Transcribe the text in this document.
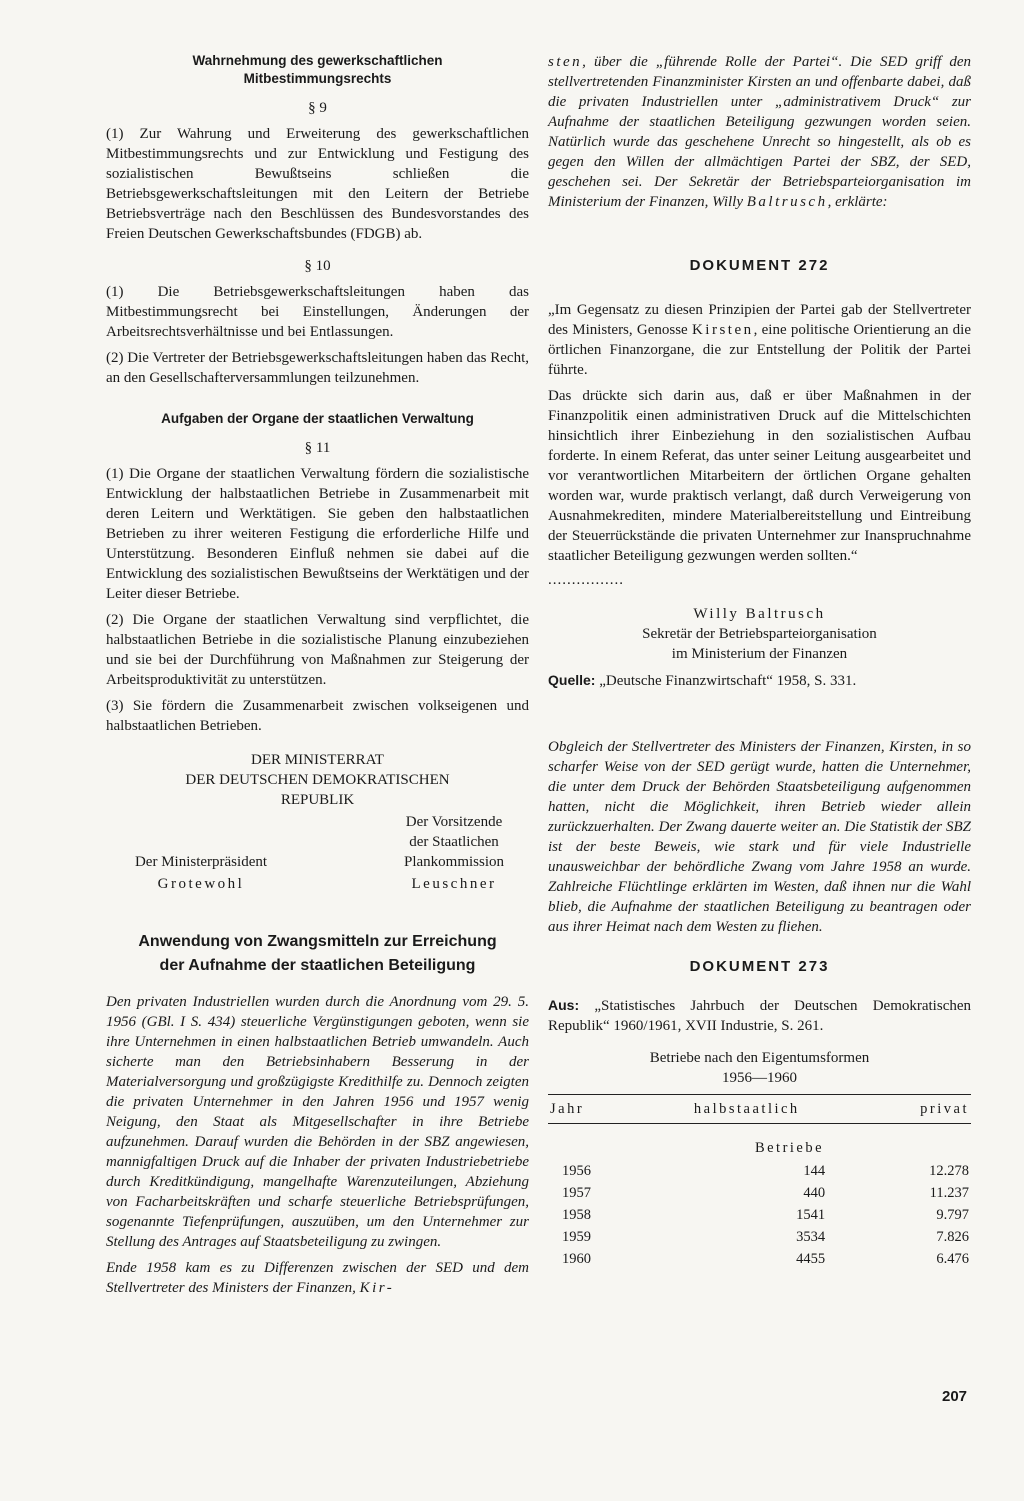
Wahrnehmung des gewerkschaftlichen
Mitbestimmungsrechts
§ 9

(1) Zur Wahrung und Erweiterung des gewerkschaftlichen Mitbestimmungsrechts und zur Entwicklung und Festigung des sozialistischen Bewußtseins schließen die Betriebsgewerkschaftsleitungen mit den Leitern der Betriebe Betriebsverträge nach den Beschlüssen des Bundesvorstandes des Freien Deutschen Gewerkschaftsbundes (FDGB) ab.

§ 10

(1) Die Betriebsgewerkschaftsleitungen haben das Mitbestimmungsrecht bei Einstellungen, Änderungen der Arbeitsrechtsverhältnisse und bei Entlassungen.

(2) Die Vertreter der Betriebsgewerkschaftsleitungen haben das Recht, an den Gesellschafterversammlungen teilzunehmen.

Aufgaben der Organe der staatlichen Verwaltung
§ 11

(1) Die Organe der staatlichen Verwaltung fördern die sozialistische Entwicklung der halbstaatlichen Betriebe in Zusammenarbeit mit deren Leitern und Werktätigen. Sie geben den halbstaatlichen Betrieben zu ihrer weiteren Festigung die erforderliche Hilfe und Unterstützung. Besonderen Einfluß nehmen sie dabei auf die Entwicklung des sozialistischen Bewußtseins der Werktätigen und der Leiter dieser Betriebe.

(2) Die Organe der staatlichen Verwaltung sind verpflichtet, die halbstaatlichen Betriebe in die sozialistische Planung einzubeziehen und sie bei der Durchführung von Maßnahmen zur Steigerung der Arbeitsproduktivität zu unterstützen.

(3) Sie fördern die Zusammenarbeit zwischen volkseigenen und halbstaatlichen Betrieben.

DER MINISTERRAT
DER DEUTSCHEN DEMOKRATISCHEN
REPUBLIK
Der Ministerpräsident
Grotewohl
Der Vorsitzende
der Staatlichen
Plankommission
Leuschner
Anwendung von Zwangsmitteln zur Erreichung
der Aufnahme der staatlichen Beteiligung

Den privaten Industriellen wurden durch die Anordnung vom 29. 5. 1956 (GBl. I S. 434) steuerliche Vergünstigungen geboten, wenn sie ihre Unternehmen in einen halbstaatlichen Betrieb umwandeln. Auch sicherte man den Betriebsinhabern Besserung in der Materialversorgung und großzügigste Kredithilfe zu. Dennoch zeigten die privaten Unternehmer in den Jahren 1956 und 1957 wenig Neigung, den Staat als Mitgesellschafter in ihre Betriebe aufzunehmen. Darauf wurden die Behörden in der SBZ angewiesen, mannigfaltigen Druck auf die Inhaber der privaten Industriebetriebe durch Kreditkündigung, mangelhafte Warenzuteilungen, Abziehung von Facharbeitskräften und scharfe steuerliche Betriebsprüfungen, sogenannte Tiefenprüfungen, auszuüben, um den Unternehmer zur Stellung des Antrages auf Staatsbeteiligung zu zwingen.

Ende 1958 kam es zu Differenzen zwischen der SED und dem Stellvertreter des Ministers der Finanzen, Kir-

sten, über die „führende Rolle der Partei“. Die SED griff den stellvertretenden Finanzminister Kirsten an und offenbarte dabei, daß die privaten Industriellen unter „administrativem Druck“ zur Aufnahme der staatlichen Beteiligung gezwungen worden seien. Natürlich wurde das geschehene Unrecht so hingestellt, als ob es gegen den Willen der allmächtigen Partei der SBZ, der SED, geschehen sei. Der Sekretär der Betriebsparteiorganisation im Ministerium der Finanzen, Willy Baltrusch, erklärte:

DOKUMENT 272

„Im Gegensatz zu diesen Prinzipien der Partei gab der Stellvertreter des Ministers, Genosse Kirsten, eine politische Orientierung an die örtlichen Finanzorgane, die zur Entstellung der Politik der Partei führte.

Das drückte sich darin aus, daß er über Maßnahmen in der Finanzpolitik einen administrativen Druck auf die Mittelschichten hinsichtlich ihrer Einbeziehung in den sozialistischen Aufbau forderte. In einem Referat, das unter seiner Leitung ausgearbeitet und vor verantwortlichen Mitarbeitern der örtlichen Organe gehalten worden war, wurde praktisch verlangt, daß durch Verweigerung von Ausnahmekrediten, mindere Materialbereitstellung und Eintreibung der Steuerrückstände die privaten Unternehmer zur Inanspruchnahme staatlicher Beteiligung gezwungen werden sollten.“

................
Willy Baltrusch
Sekretär der Betriebsparteiorganisation
im Ministerium der Finanzen

Quelle: „Deutsche Finanzwirtschaft“ 1958, S. 331.

Obgleich der Stellvertreter des Ministers der Finanzen, Kirsten, in so scharfer Weise von der SED gerügt wurde, hatten die Unternehmer, die unter dem Druck der Behörden Staatsbeteiligung aufgenommen hatten, nicht die Möglichkeit, ihren Betrieb wieder allein zurückzuerhalten. Der Zwang dauerte weiter an. Die Statistik der SBZ ist der beste Beweis, wie stark und für viele Industrielle unausweichbar der behördliche Zwang vom Jahre 1958 an wurde. Zahlreiche Flüchtlinge erklärten im Westen, daß ihnen nur die Wahl blieb, die Aufnahme der staatlichen Beteiligung zu beantragen oder aus ihrer Heimat nach dem Westen zu fliehen.

DOKUMENT 273

Aus: „Statistisches Jahrbuch der Deutschen Demokratischen Republik“ 1960/1961, XVII Industrie, S. 261.

Betriebe nach den Eigentumsformen
1956—1960
Jahr	halbstaatlich	privat
Betriebe		
1956	144	12.278
1957	440	11.237
1958	1541	9.797
1959	3534	7.826
1960	4455	6.476
207
